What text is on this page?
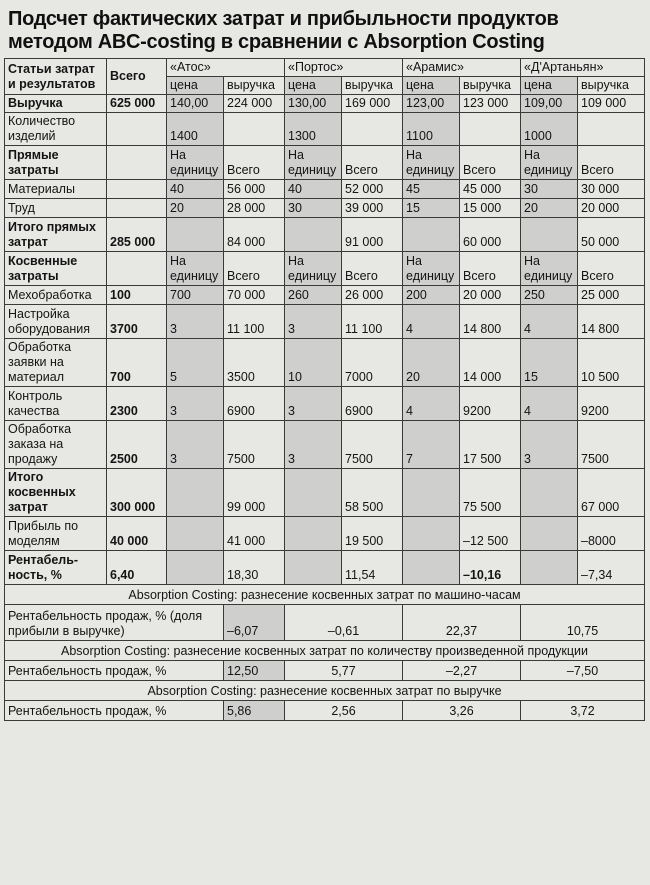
Подсчет фактических затрат и прибыльности продуктов
методом ABC-costing в сравнении с Absorption Costing
Статьи затрат и результатов	Всего	«Атос»		«Портос»		«Арамис»		«Д'Артаньян»	
		цена	выручка	цена	выручка	цена	выручка	цена	выручка
Выручка	625 000	140,00	224 000	130,00	169 000	123,00	123 000	109,00	109 000
Количество изделий		1400		1300		1100		1000	
Прямые затраты		На единицу	Всего	На единицу	Всего	На единицу	Всего	На единицу	Всего
Материалы		40	56 000	40	52 000	45	45 000	30	30 000
Труд		20	28 000	30	39 000	15	15 000	20	20 000
Итого прямых затрат	285 000		84 000		91 000		60 000		50 000
Косвенные затраты		На единицу	Всего	На единицу	Всего	На единицу	Всего	На единицу	Всего
Мехобработка	100	700	70 000	260	26 000	200	20 000	250	25 000
Настройка оборудования	3700	3	11 100	3	11 100	4	14 800	4	14 800
Обработка заявки на материал	700	5	3500	10	7000	20	14 000	15	10 500
Контроль качества	2300	3	6900	3	6900	4	9200	4	9200
Обработка заказа на продажу	2500	3	7500	3	7500	7	17 500	3	7500
Итого косвенных затрат	300 000		99 000		58 500		75 500		67 000
Прибыль по моделям	40 000		41 000		19 500		–12 500		–8000
Рентабель-ность, %	6,40		18,30		11,54		–10,16		–7,34
Absorption Costing: разнесение косвенных затрат по машино-часам									
Рентабельность продаж, % (доля прибыли в выручке)			–6,07	–0,61		22,37		10,75	
Absorption Costing: разнесение косвенных затрат по количеству произведенной продукции									
Рентабельность продаж, %			12,50	5,77		–2,27		–7,50	
Absorption Costing: разнесение косвенных затрат по выручке									
Рентабельность продаж, %			5,86	2,56		3,26		3,72	
